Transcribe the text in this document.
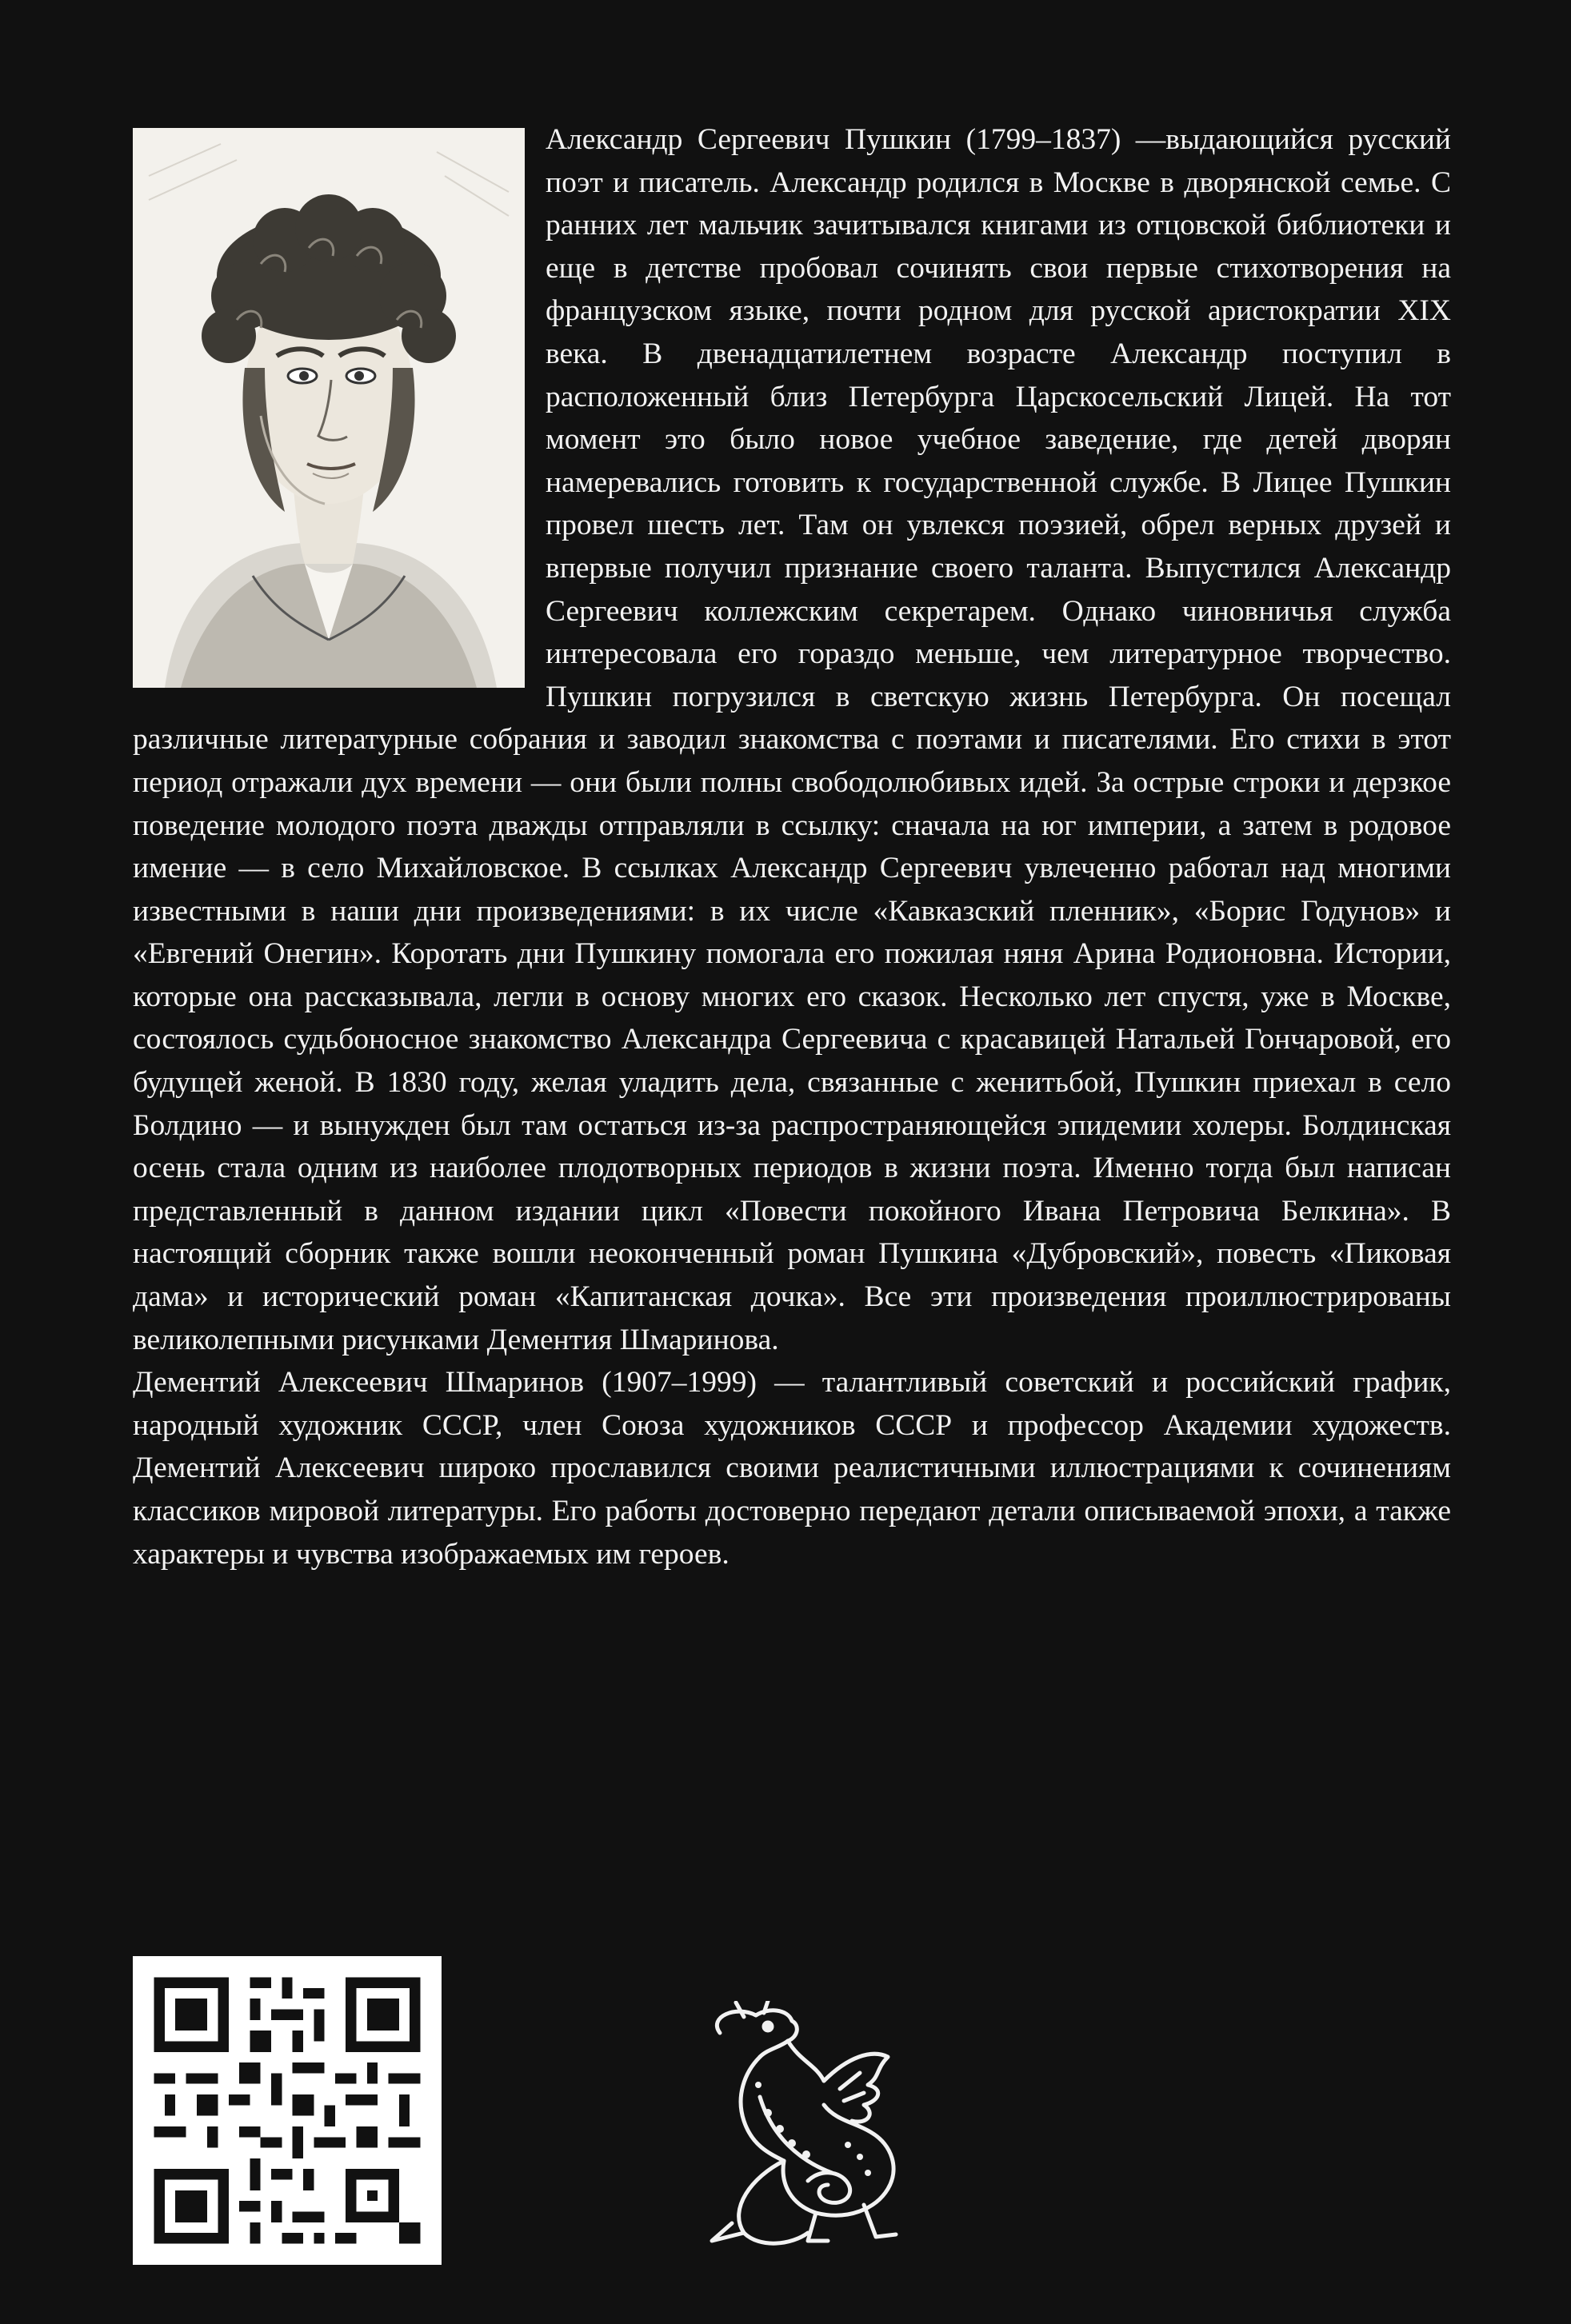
Александр Сергеевич Пушкин (1799–1837) —выдающийся русский поэт и писатель. Александр родился в Москве в дворянской семье. С ранних лет мальчик зачитывался книгами из отцовской библиотеки и еще в детстве пробовал сочинять свои первые стихотворения на французском языке, почти родном для русской аристократии XIX века. В двенадцатилетнем возрасте Александр поступил в расположенный близ Петербурга Царскосельский Лицей. На тот момент это было новое учебное заведение, где детей дворян намеревались готовить к государственной службе. В Лицее Пушкин провел шесть лет. Там он увлекся поэзией, обрел верных друзей и впервые получил признание своего таланта. Выпустился Александр Сергеевич коллежским секретарем. Однако чиновничья служба интересовала его гораздо меньше, чем литературное творчество. Пушкин погрузился в светскую жизнь Петербурга. Он посещал различные литературные собрания и заводил знакомства с поэтами и писателями. Его стихи в этот период отражали дух времени — они были полны свободолюбивых идей. За острые строки и дерзкое поведение молодого поэта дважды отправляли в ссылку: сначала на юг империи, а затем в родовое имение — в село Михайловское. В ссылках Александр Сергеевич увлеченно работал над многими известными в наши дни произведениями: в их числе «Кавказский пленник», «Борис Годунов» и «Евгений Онегин». Коротать дни Пушкину помогала его пожилая няня Арина Родионовна. Истории, которые она рассказывала, легли в основу многих его сказок. Несколько лет спустя, уже в Москве, состоялось судьбоносное знакомство Александра Сергеевича с красавицей Натальей Гончаровой, его будущей женой. В 1830 году, желая уладить дела, связанные с женитьбой, Пушкин приехал в село Болдино — и вынужден был там остаться из-за распространяющейся эпидемии холеры. Болдинская осень стала одним из наиболее плодотворных периодов в жизни поэта. Именно тогда был написан представленный в данном издании цикл «Повести покойного Ивана Петровича Белкина». В настоящий сборник также вошли неоконченный роман Пушкина «Дубровский», повесть «Пиковая дама» и исторический роман «Капитанская дочка». Все эти произведения проиллюстрированы великолепными рисунками Дементия Шмаринова.

Дементий Алексеевич Шмаринов (1907–1999) — талантливый советский и российский график, народный художник СССР, член Союза художников СССР и профессор Академии художеств. Дементий Алексеевич широко прославился своими реалистичными иллюстрациями к сочинениям классиков мировой литературы. Его работы достоверно передают детали описываемой эпохи, а также характеры и чувства изображаемых им героев.
